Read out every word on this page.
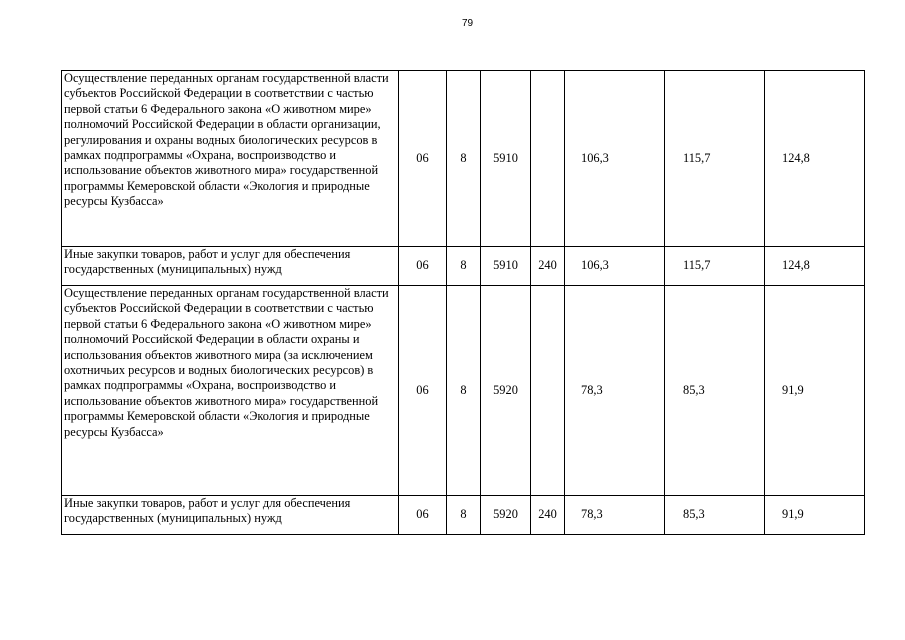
79
Осуществление переданных органам государственной власти субъектов Российской Федерации в соответствии с частью первой статьи 6 Федерального закона «О животном мире» полномочий Российской Федерации в области организации, регулирования и охраны водных биологических ресурсов в рамках подпрограммы «Охрана, воспроизводство и использование объектов животного мира» государственной программы Кемеровской области «Экология и природные ресурсы Кузбасса»	06	8	5910		106,3	115,7	124,8
Иные закупки товаров, работ и услуг для обеспечения государственных (муниципальных) нужд	06	8	5910	240	106,3	115,7	124,8
Осуществление переданных органам государственной власти субъектов Российской Федерации в соответствии с частью первой статьи 6 Федерального закона «О животном мире» полномочий Российской Федерации в области охраны и использования объектов животного мира (за исключением охотничьих ресурсов и водных биологических ресурсов) в рамках подпрограммы «Охрана, воспроизводство и использование объектов животного мира» государственной программы Кемеровской области «Экология и природные ресурсы Кузбасса»	06	8	5920		78,3	85,3	91,9
Иные закупки товаров, работ и услуг для обеспечения государственных (муниципальных) нужд	06	8	5920	240	78,3	85,3	91,9
